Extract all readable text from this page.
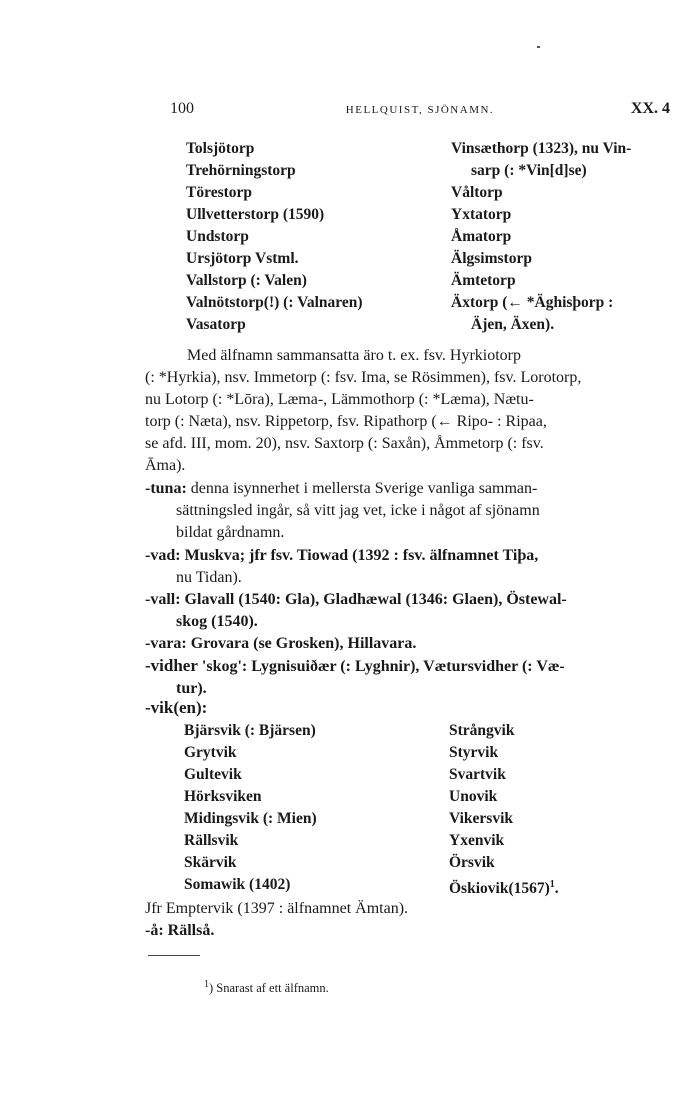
100	HELLQUIST, SJÖNAMN.	XX. 4
Tolsjötorp
Trehörningstorp
Törestorp
Ullvetterstorp (1590)
Undstorp
Ursjötorp Vstml.
Vallstorp (: Valen)
Valnötstorp(!) (: Valnaren)
Vasatorp
Vinsæthorp (1323), nu Vin-
sarp (: *Vin[d]se)
Våltorp
Yxtatorp
Åmatorp
Älgsimstorp
Ämtetorp
Äxtorp (← *Äghisþorp :
Äjen, Äxen).
Med älfnamn sammansatta äro t. ex. fsv. Hyrkiotorp
(: *Hyrkia), nsv. Immetorp (: fsv. Ima, se Rösimmen), fsv. Lorotorp,
nu Lotorp (: *Lōra), Læma-, Lämmothorp (: *Læma), Nætu-
torp (: Næta), nsv. Rippetorp, fsv. Ripathorp (← Ripo- : Ripaa,
se afd. III, mom. 20), nsv. Saxtorp (: Saxån), Åmmetorp (: fsv.
Āma).
-tuna: denna isynnerhet i mellersta Sverige vanliga samman-
sättningsled ingår, så vitt jag vet, icke i något af sjönamn
bildat gårdnamn.
-vad: Muskva; jfr fsv. Tiowad (1392 : fsv. älfnamnet Tiþa,
nu Tidan).
-vall: Glavall (1540: Gla), Gladhæwal (1346: Glaen), Östewal-
skog (1540).
-vara: Grovara (se Grosken), Hillavara.
-vidher 'skog': Lygnisuiðær (: Lyghnir), Vætursvidher (: Væ-
tur).
-vik(en):
Bjärsvik (: Bjärsen)
Grytvik
Gultevik
Hörksviken
Midingsvik (: Mien)
Rällsvik
Skärvik
Somawik (1402)
Strångvik
Styrvik
Svartvik
Unovik
Vikersvik
Yxenvik
Örsvik
$Öskiovik(1567)^1$.
Jfr Emptervik (1397 : älfnamnet Ämtan).
-å: Rällså.
$^1$) Snarast af ett älfnamn.
